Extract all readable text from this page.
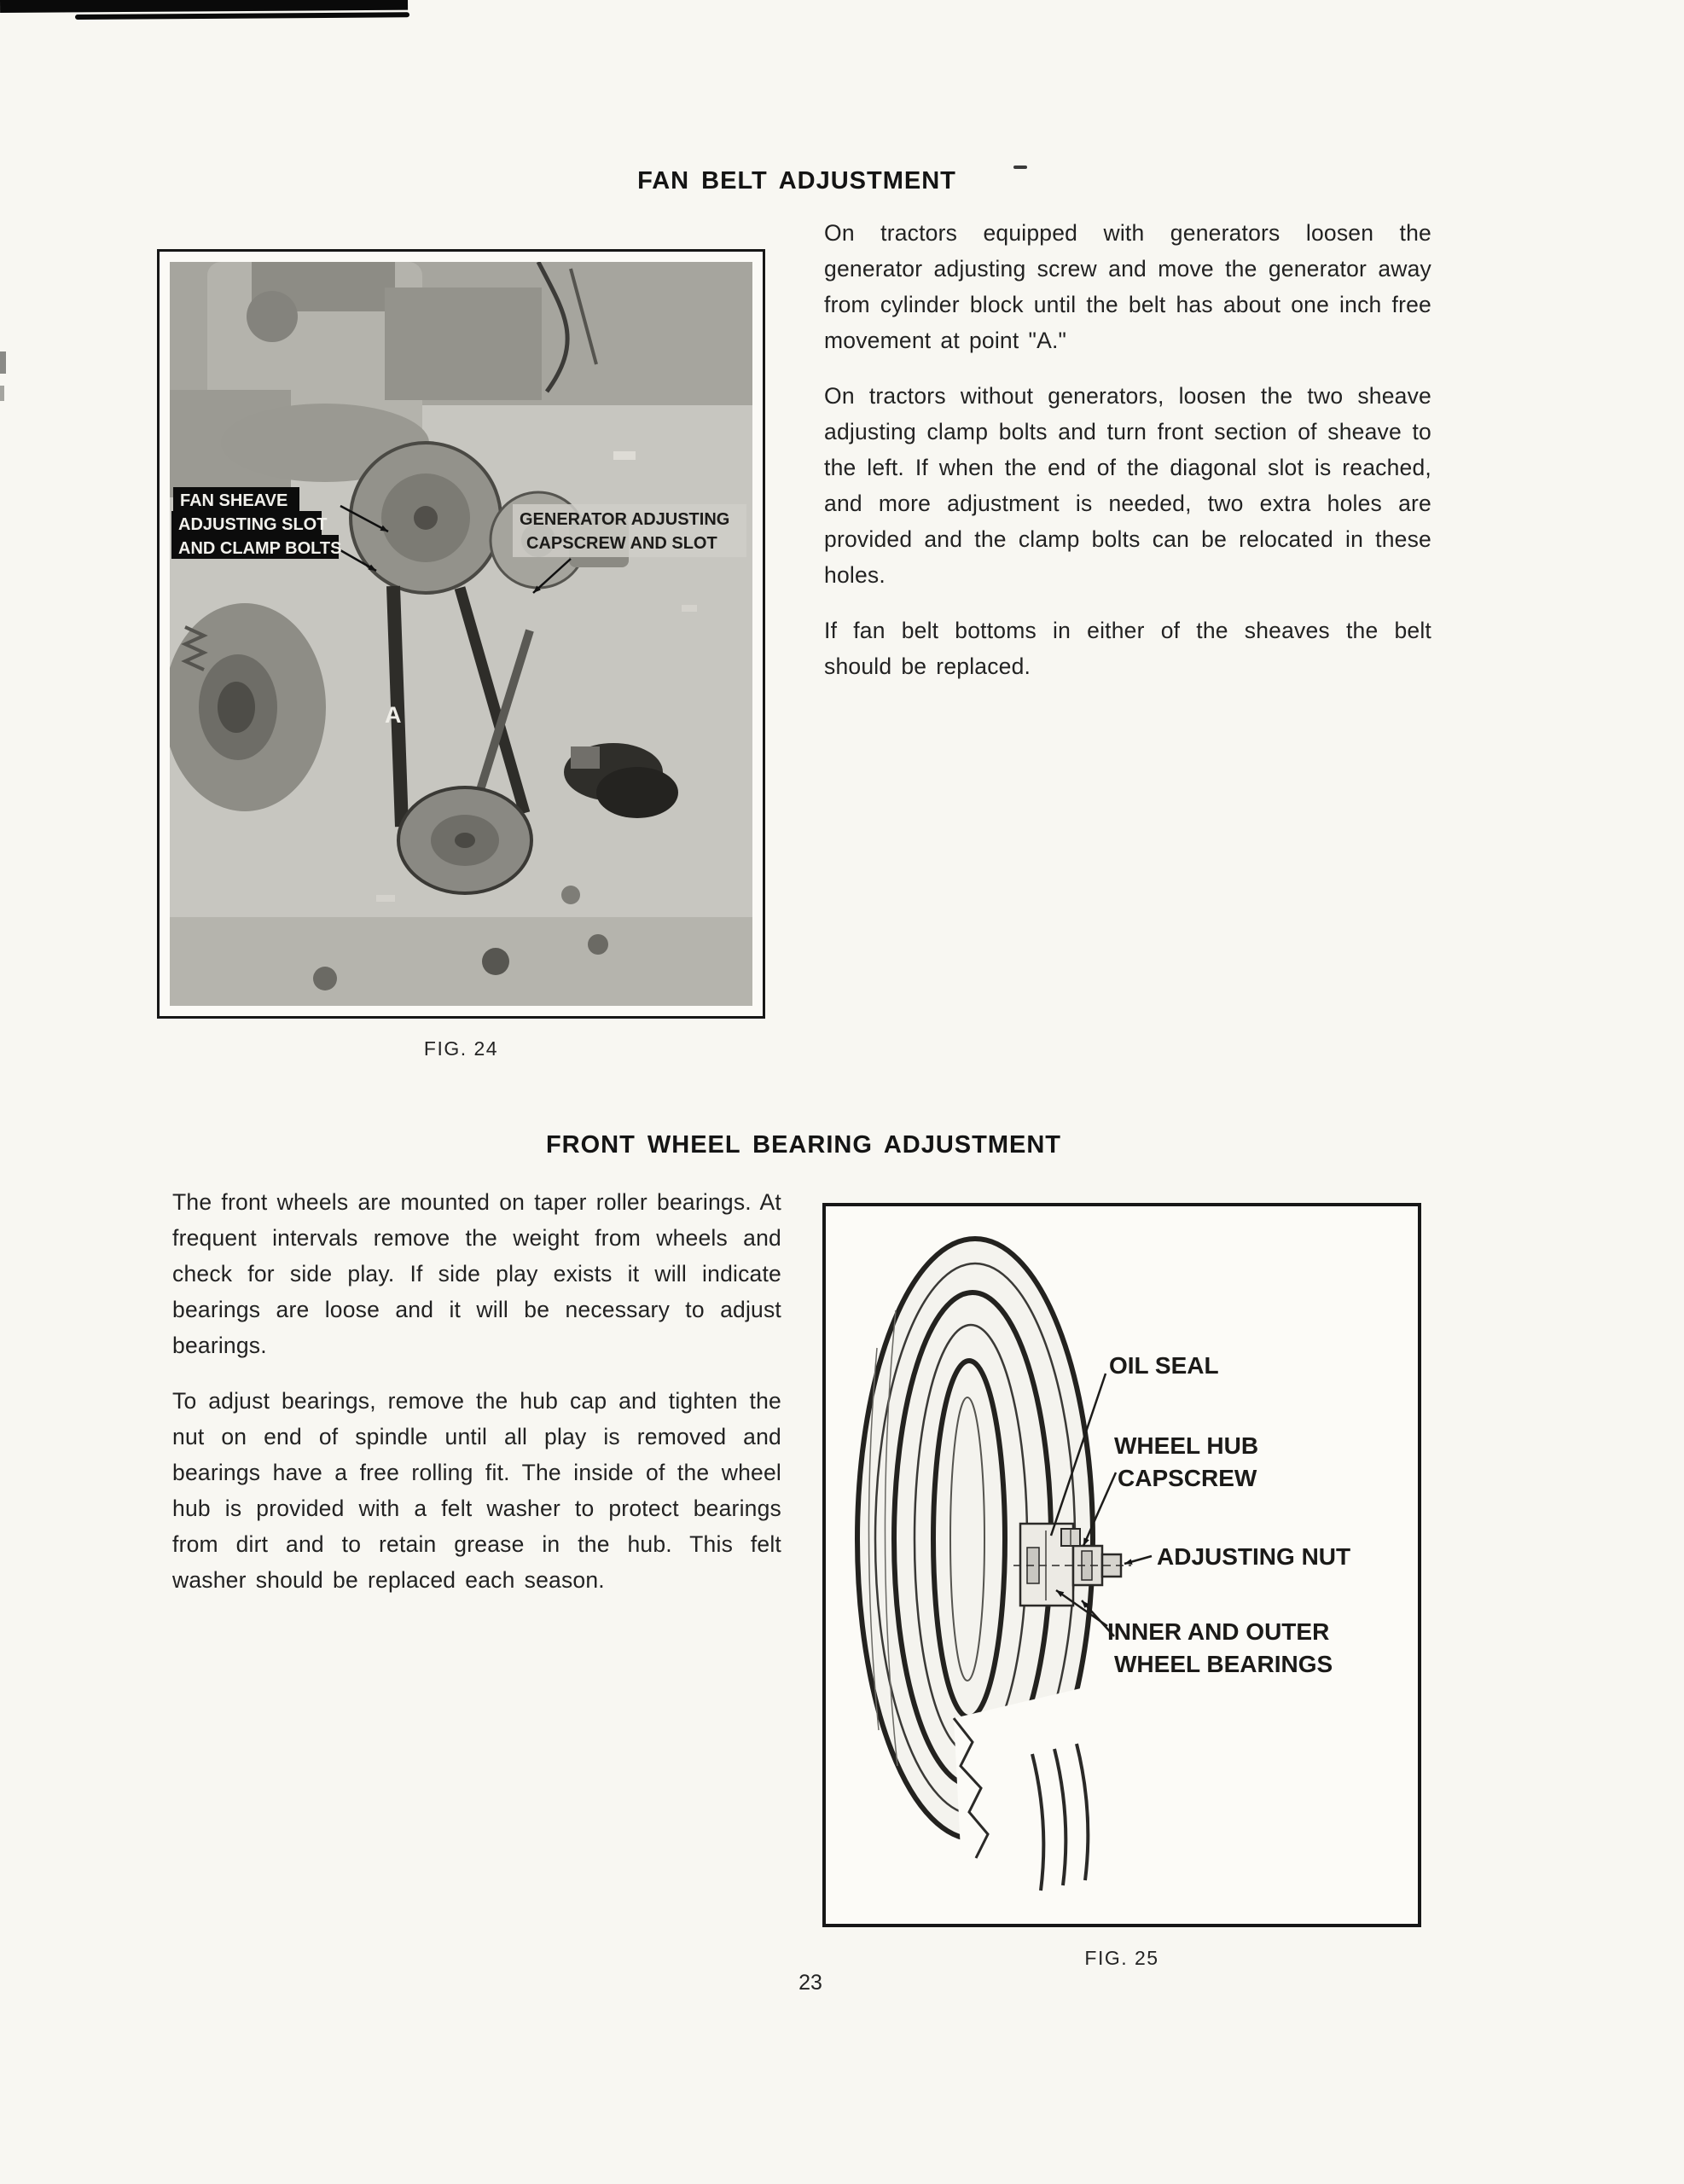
FAN BELT ADJUSTMENT
FAN SHEAVE
ADJUSTING SLOT
AND CLAMP BOLTS
GENERATOR ADJUSTING
CAPSCREW AND SLOT
A
FIG. 24

On tractors equipped with generators loosen the generator adjusting screw and move the generator away from cylinder block until the belt has about one inch free movement at point "A."

On tractors without generators, loosen the two sheave adjusting clamp bolts and turn front section of sheave to the left. If when the end of the diagonal slot is reached, and more adjustment is needed, two extra holes are provided and the clamp bolts can be relocated in these holes.

If fan belt bottoms in either of the sheaves the belt should be replaced.

FRONT WHEEL BEARING ADJUSTMENT

The front wheels are mounted on taper roller bearings. At frequent intervals remove the weight from wheels and check for side play. If side play exists it will indicate bearings are loose and it will be necessary to adjust bearings.

To adjust bearings, remove the hub cap and tighten the nut on end of spindle until all play is removed and bearings have a free rolling fit. The inside of the wheel hub is provided with a felt washer to protect bearings from dirt and to retain grease in the hub. This felt washer should be replaced each season.

OIL SEAL
WHEEL HUB
CAPSCREW
ADJUSTING NUT
INNER AND OUTER
WHEEL BEARINGS
FIG. 25
23
